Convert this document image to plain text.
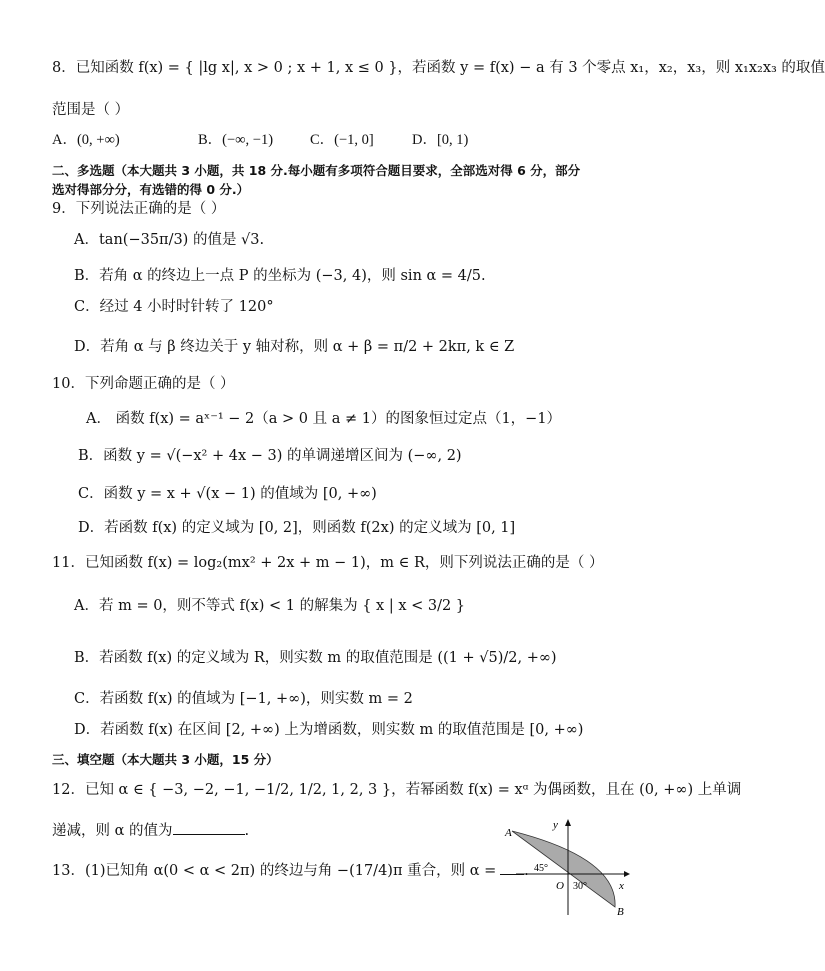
8．已知函数 f(x) = { |lg x|, x > 0 ; x + 1, x ≤ 0 }，若函数 y = f(x) − a 有 3 个零点 x₁，x₂，x₃，则 x₁x₂x₃ 的取值
范围是（ ）
A．(0, +∞)	B．(−∞, −1)	C．(−1, 0]	D．[0, 1)
二、多选题（本大题共 3 小题，共 18 分.每小题有多项符合题目要求，全部选对得 6 分，部分
选对得部分分，有选错的得 0 分.）
9．下列说法正确的是（ ）
A．tan(−35π/3) 的值是 √3.
B．若角 α 的终边上一点 P 的坐标为 (−3, 4)，则 sin α = 4/5.
C．经过 4 小时时针转了 120°
D．若角 α 与 β 终边关于 y 轴对称，则 α + β = π/2 + 2kπ, k ∈ Z
10．下列命题正确的是（ ）
A． 函数 f(x) = aˣ⁻¹ − 2（a > 0 且 a ≠ 1）的图象恒过定点（1，−1）
B．函数 y = √(−x² + 4x − 3) 的单调递增区间为 (−∞, 2)
C．函数 y = x + √(x − 1) 的值域为 [0, +∞)
D．若函数 f(x) 的定义域为 [0, 2]，则函数 f(2x) 的定义域为 [0, 1]
11．已知函数 f(x) = log₂(mx² + 2x + m − 1)，m ∈ R，则下列说法正确的是（ ）
A．若 m = 0，则不等式 f(x) < 1 的解集为 { x | x < 3/2 }
B．若函数 f(x) 的定义域为 R，则实数 m 的取值范围是 ((1 + √5)/2, +∞)
C．若函数 f(x) 的值域为 [−1, +∞)，则实数 m = 2
D．若函数 f(x) 在区间 [2, +∞) 上为增函数，则实数 m 的取值范围是 [0, +∞)
三、填空题（本大题共 3 小题，15 分）
12．已知 α ∈ { −3, −2, −1, −1/2, 1/2, 1, 2, 3 }，若幂函数 f(x) = xᵅ 为偶函数，且在 (0, +∞) 上单调
递减，则 α 的值为	.
13．(1)已知角 α(0 < α < 2π) 的终边与角 −(17/4)π 重合，则 α = .
y
x
A
B
O
45°
30°
